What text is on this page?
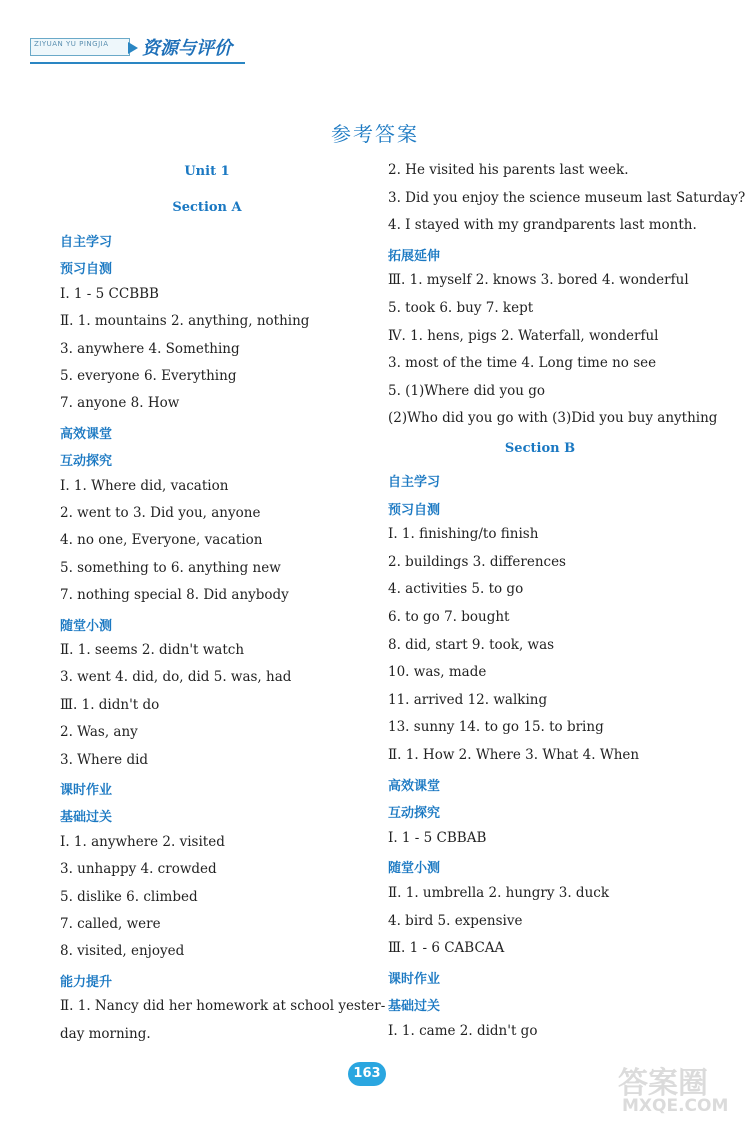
ZIYUAN YU PINGJIA 资源与评价
参考答案
Unit 1
Section A
自主学习
预习自测
Ⅰ. 1 - 5 CCBBB
Ⅱ. 1. mountains 2. anything, nothing
3. anywhere 4. Something
5. everyone 6. Everything
7. anyone 8. How
高效课堂
互动探究
Ⅰ. 1. Where did, vacation
2. went to 3. Did you, anyone
4. no one, Everyone, vacation
5. something to 6. anything new
7. nothing special 8. Did anybody
随堂小测
Ⅱ. 1. seems 2. didn't watch
3. went 4. did, do, did 5. was, had
Ⅲ. 1. didn't do
2. Was, any
3. Where did
课时作业
基础过关
Ⅰ. 1. anywhere 2. visited
3. unhappy 4. crowded
5. dislike 6. climbed
7. called, were
8. visited, enjoyed
能力提升
Ⅱ. 1. Nancy did her homework at school yester-
day morning.
2. He visited his parents last week.
3. Did you enjoy the science museum last Saturday?
4. I stayed with my grandparents last month.
拓展延伸
Ⅲ. 1. myself 2. knows 3. bored 4. wonderful
5. took 6. buy 7. kept
Ⅳ. 1. hens, pigs 2. Waterfall, wonderful
3. most of the time 4. Long time no see
5. (1)Where did you go
(2)Who did you go with (3)Did you buy anything
Section B
自主学习
预习自测
Ⅰ. 1. finishing/to finish
2. buildings 3. differences
4. activities 5. to go
6. to go 7. bought
8. did, start 9. took, was
10. was, made
11. arrived 12. walking
13. sunny 14. to go 15. to bring
Ⅱ. 1. How 2. Where 3. What 4. When
高效课堂
互动探究
Ⅰ. 1 - 5 CBBAB
随堂小测
Ⅱ. 1. umbrella 2. hungry 3. duck
4. bird 5. expensive
Ⅲ. 1 - 6 CABCAA
课时作业
基础过关
Ⅰ. 1. came 2. didn't go
163	答案圈
MXQE.COM
